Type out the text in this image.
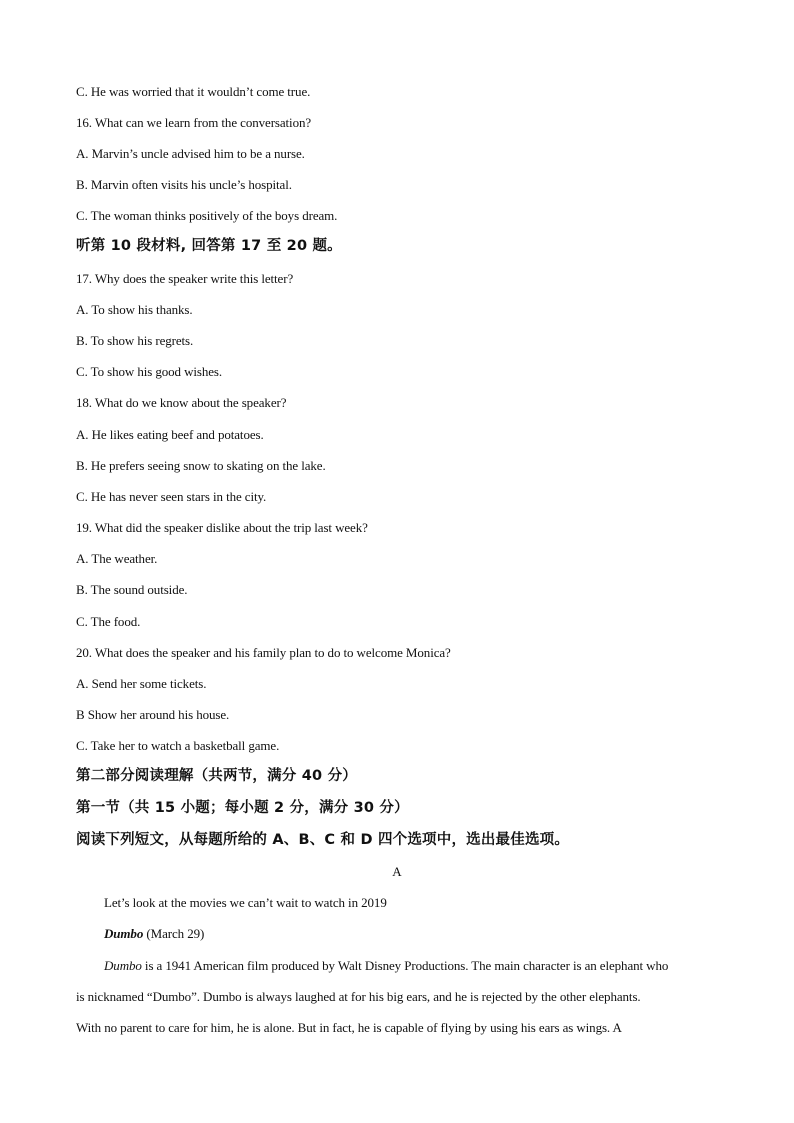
C. He was worried that it wouldn’t come true.
16. What can we learn from the conversation?
A. Marvin’s uncle advised him to be a nurse.
B. Marvin often visits his uncle’s hospital.
C. The woman thinks positively of the boys dream.
听第 10 段材料, 回答第 17 至 20 题。
17. Why does the speaker write this letter?
A. To show his thanks.
B. To show his regrets.
C. To show his good wishes.
18. What do we know about the speaker?
A. He likes eating beef and potatoes.
B. He prefers seeing snow to skating on the lake.
C. He has never seen stars in the city.
19. What did the speaker dislike about the trip last week?
A. The weather.
B. The sound outside.
C. The food.
20. What does the speaker and his family plan to do to welcome Monica?
A. Send her some tickets.
B Show her around his house.
C. Take her to watch a basketball game.
第二部分阅读理解（共两节，满分 40 分）
第一节（共 15 小题；每小题 2 分，满分 30 分）
阅读下列短文，从每题所给的 A、B、C 和 D 四个选项中，选出最佳选项。
A
Let’s look at the movies we can’t wait to watch in 2019
Dumbo (March 29)
Dumbo is a 1941 American film produced by Walt Disney Productions. The main character is an elephant who
is nicknamed “Dumbo”. Dumbo is always laughed at for his big ears, and he is rejected by the other elephants.
With no parent to care for him, he is alone. But in fact, he is capable of flying by using his ears as wings. A
